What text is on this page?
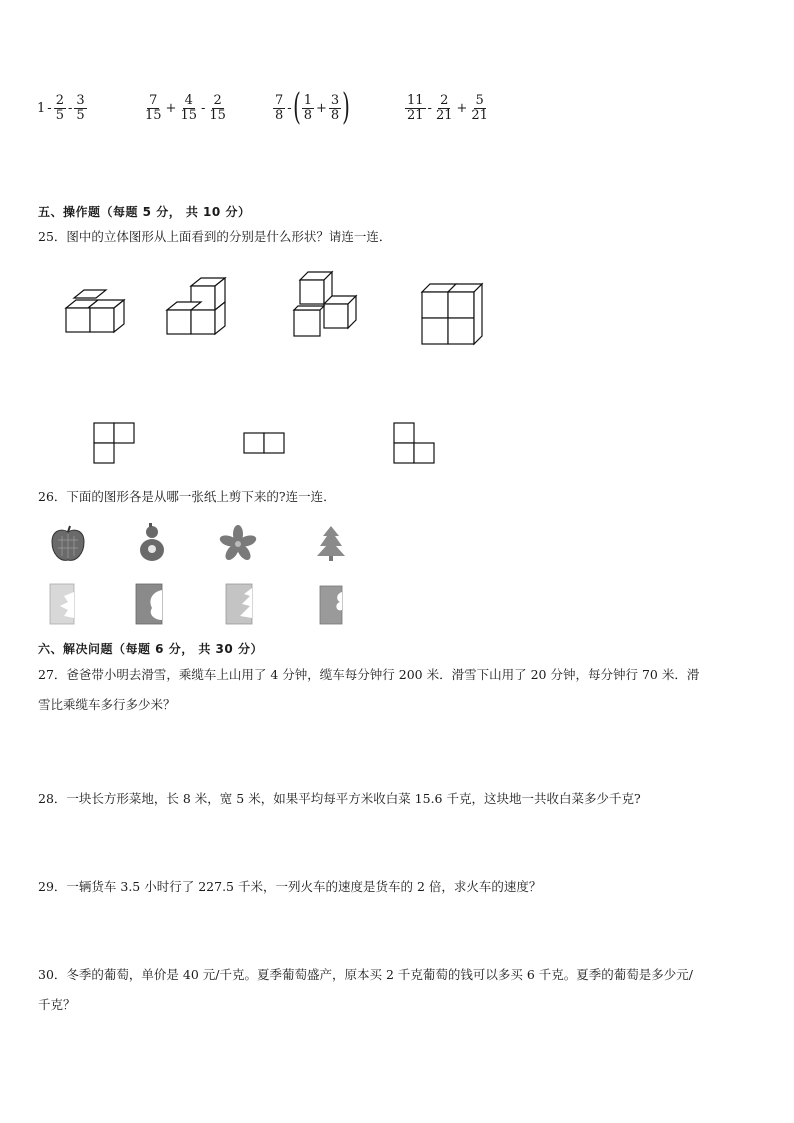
$1 - \frac{2}{5} - \frac{3}{5}$	$\frac{7}{15} + \frac{4}{15} - \frac{2}{15}$	$\frac{7}{8}$ - ( $\frac{1}{8} + \frac{3}{8}$ )	$\frac{11}{21} - \frac{2}{21} + \frac{5}{21}$
五、操作题（每题 5 分， 共 10 分）
25．图中的立体图形从上面看到的分别是什么形状？请连一连．
26．下面的图形各是从哪一张纸上剪下来的?连一连．
六、解决问题（每题 6 分， 共 30 分）
27．爸爸带小明去滑雪，乘缆车上山用了 4 分钟，缆车每分钟行 200 米．滑雪下山用了 20 分钟，每分钟行 70 米．滑
雪比乘缆车多行多少米？
28．一块长方形菜地，长 8 米，宽 5 米，如果平均每平方米收白菜 15.6 千克，这块地一共收白菜多少千克?
29．一辆货车 3.5 小时行了 227.5 千米，一列火车的速度是货车的 2 倍，求火车的速度？
30．冬季的葡萄，单价是 40 元/千克。夏季葡萄盛产，原本买 2 千克葡萄的钱可以多买 6 千克。夏季的葡萄是多少元/
千克？
